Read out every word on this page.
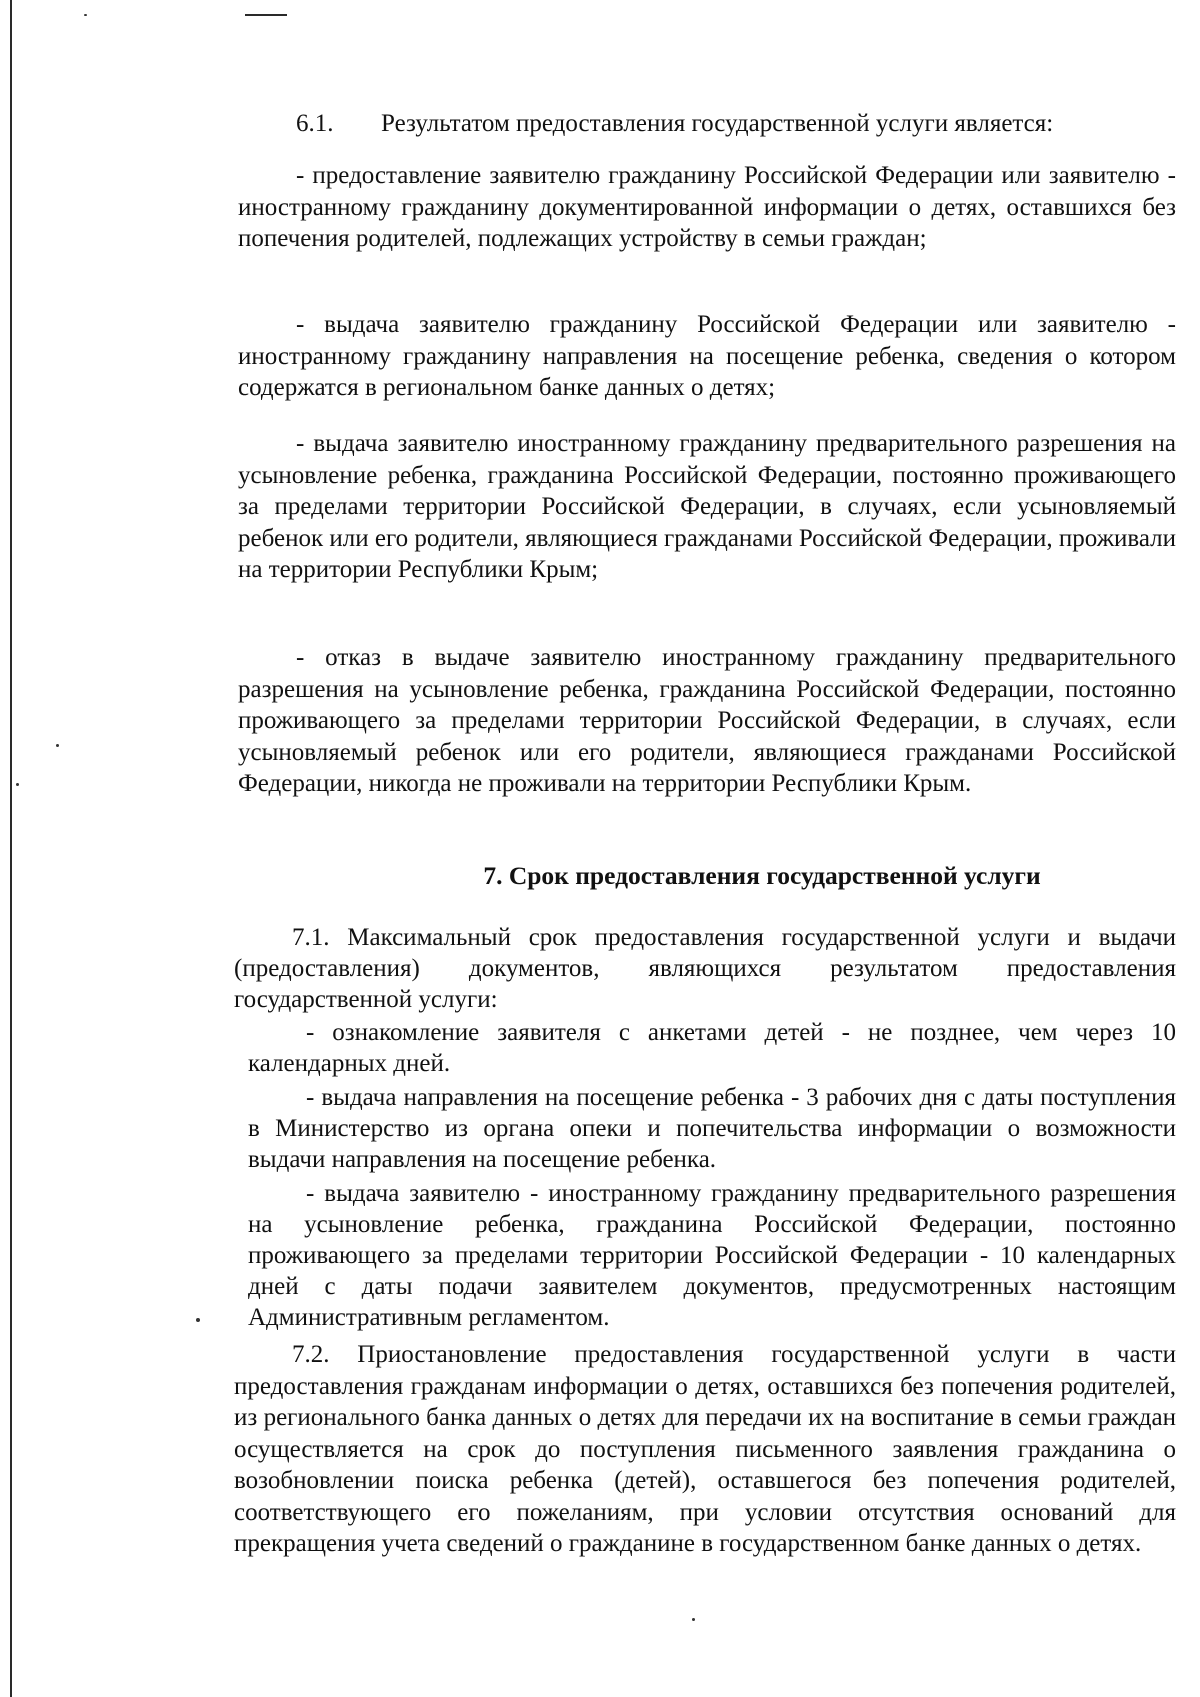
6.1. Результатом предоставления государственной услуги является:
- предоставление заявителю гражданину Российской Федерации или заявителю - иностранному гражданину документированной информации о детях, оставшихся без попечения родителей, подлежащих устройству в семьи граждан;
- выдача заявителю гражданину Российской Федерации или заявителю - иностранному гражданину направления на посещение ребенка, сведения о котором содержатся в региональном банке данных о детях;
- выдача заявителю иностранному гражданину предварительного разрешения на усыновление ребенка, гражданина Российской Федерации, постоянно проживающего за пределами территории Российской Федерации, в случаях, если усыновляемый ребенок или его родители, являющиеся гражданами Российской Федерации, проживали на территории Республики Крым;
- отказ в выдаче заявителю иностранному гражданину предварительного разрешения на усыновление ребенка, гражданина Российской Федерации, постоянно проживающего за пределами территории Российской Федерации, в случаях, если усыновляемый ребенок или его родители, являющиеся гражданами Российской Федерации, никогда не проживали на территории Республики Крым.
7. Срок предоставления государственной услуги
7.1. Максимальный срок предоставления государственной услуги и выдачи (предоставления) документов, являющихся результатом предоставления государственной услуги:
- ознакомление заявителя с анкетами детей - не позднее, чем через 10 календарных дней.
- выдача направления на посещение ребенка - 3 рабочих дня с даты поступления в Министерство из органа опеки и попечительства информации о возможности выдачи направления на посещение ребенка.
- выдача заявителю - иностранному гражданину предварительного разрешения на усыновление ребенка, гражданина Российской Федерации, постоянно проживающего за пределами территории Российской Федерации - 10 календарных дней с даты подачи заявителем документов, предусмотренных настоящим Административным регламентом.
7.2. Приостановление предоставления государственной услуги в части предоставления гражданам информации о детях, оставшихся без попечения родителей, из регионального банка данных о детях для передачи их на воспитание в семьи граждан осуществляется на срок до поступления письменного заявления гражданина о возобновлении поиска ребенка (детей), оставшегося без попечения родителей, соответствующего его пожеланиям, при условии отсутствия оснований для прекращения учета сведений о гражданине в государственном банке данных о детях.
